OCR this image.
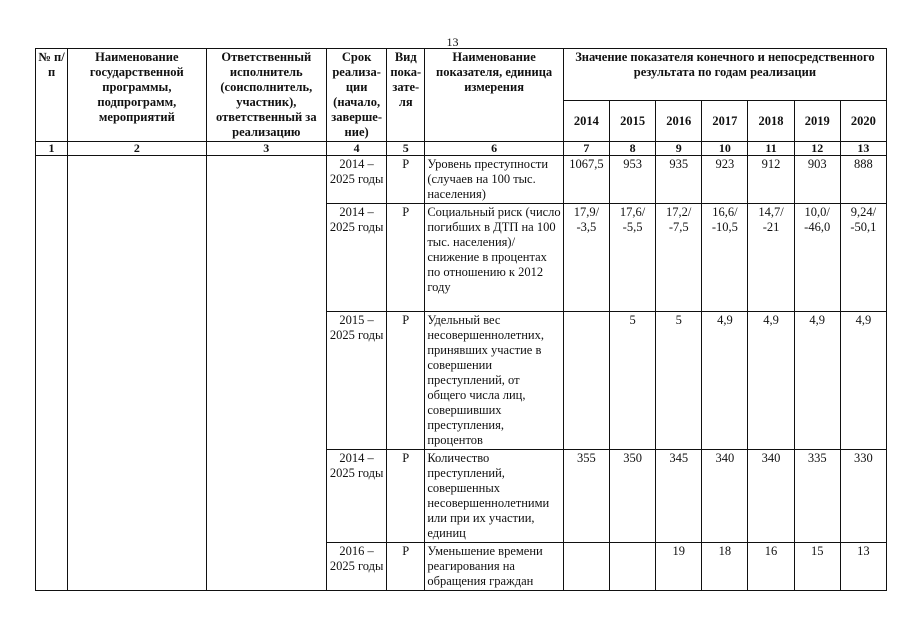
13
№ п/п	Наименование государственной программы, подпрограмм, мероприятий	Ответственный исполнитель (соисполнитель, участник), ответственный за реализацию	Срок реализа-ции (начало, заверше-ние)	Вид пока-зате-ля	Наименование показателя, единица измерения	Значение показателя конечного и непосредственного результата по годам реализации						
						2014	2015	2016	2017	2018	2019	2020
1	2	3	4	5	6	7	8	9	10	11	12	13
			2014 – 2025 годы	Р	Уровень преступности (случаев на 100 тыс. населения)	1067,5	953	935	923	912	903	888
			2014 – 2025 годы	Р	Социальный риск (число погибших в ДТП на 100 тыс. населения)/снижение в процентах по отношению к 2012 году	17,9/ -3,5	17,6/ -5,5	17,2/ -7,5	16,6/ -10,5	14,7/ -21	10,0/ -46,0	9,24/ -50,1
			2015 – 2025 годы	Р	Удельный вес несовершеннолетних, принявших участие в совершении преступлений, от общего числа лиц, совершивших преступления, процентов		5	5	4,9	4,9	4,9	4,9
			2014 – 2025 годы	Р	Количество преступлений, совершенных несовершеннолетними или при их участии, единиц	355	350	345	340	340	335	330
			2016 – 2025 годы	Р	Уменьшение времени реагирования на обращения граждан			19	18	16	15	13
